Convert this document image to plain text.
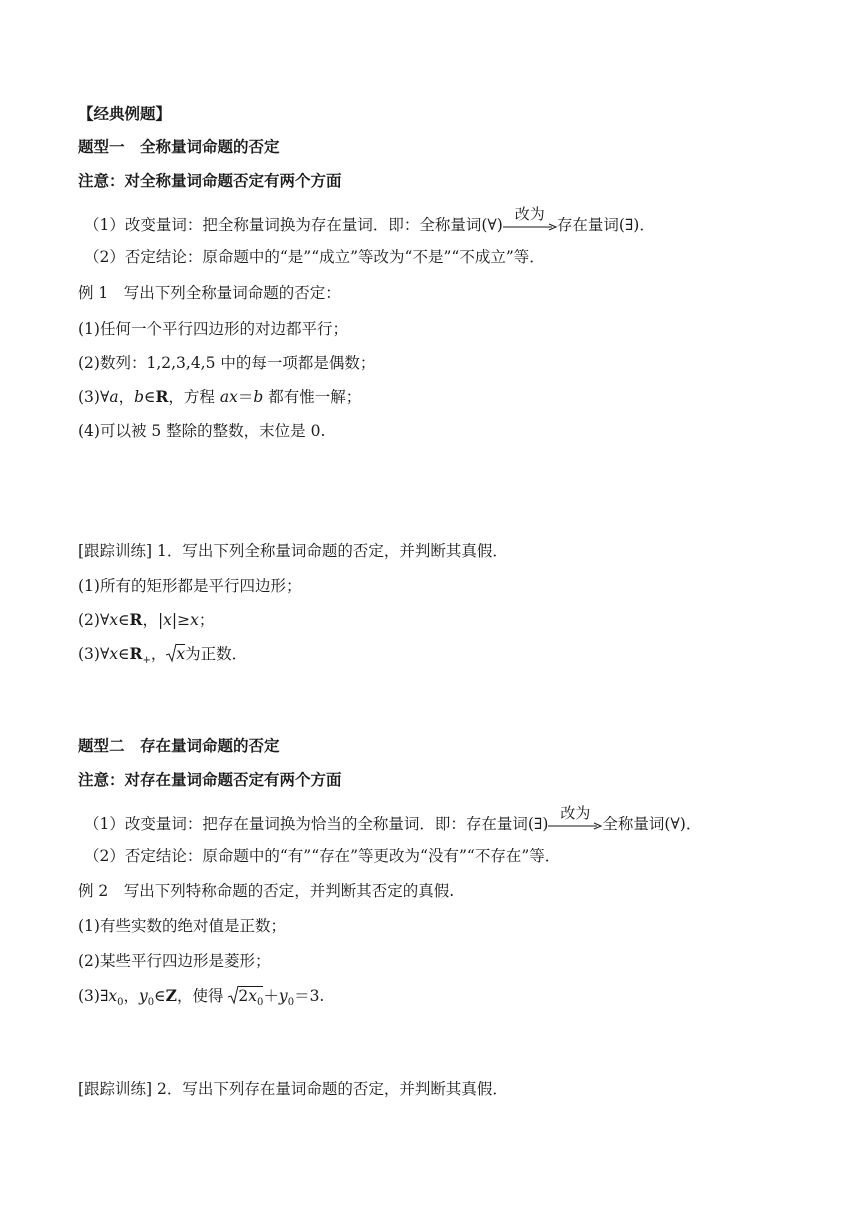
【经典例题】
题型一　全称量词命题的否定
注意：对全称量词命题否定有两个方面
（1）改变量词：把全称量词换为存在量词．即：全称量词(∀)
改为
存在量词(∃)．
（2）否定结论：原命题中的“是”“成立”等改为“不是”“不成立”等．
例 1　写出下列全称量词命题的否定：
(1)任何一个平行四边形的对边都平行；
(2)数列：1,2,3,4,5 中的每一项都是偶数；
(3)∀a，b∈R，方程 ax＝b 都有惟一解；
(4)可以被 5 整除的整数，末位是 0.
[跟踪训练] 1．写出下列全称量词命题的否定，并判断其真假．
(1)所有的矩形都是平行四边形；
(2)∀x∈R，|x|≥x；
$(3)\forall x\in R_+$， x为正数．
题型二　存在量词命题的否定
注意：对存在量词命题否定有两个方面
（1）改变量词：把存在量词换为恰当的全称量词．即：存在量词(∃)
改为
全称量词(∀)．
（2）否定结论：原命题中的“有”“存在”等更改为“没有”“不存在”等．
例 2　写出下列特称命题的否定，并判断其否定的真假.
(1)有些实数的绝对值是正数；
(2)某些平行四边形是菱形；
$(3)\exists x_0$，$y_0\in Z$，使得
$2x_0+y_0=3$.
[跟踪训练] 2．写出下列存在量词命题的否定，并判断其真假．
